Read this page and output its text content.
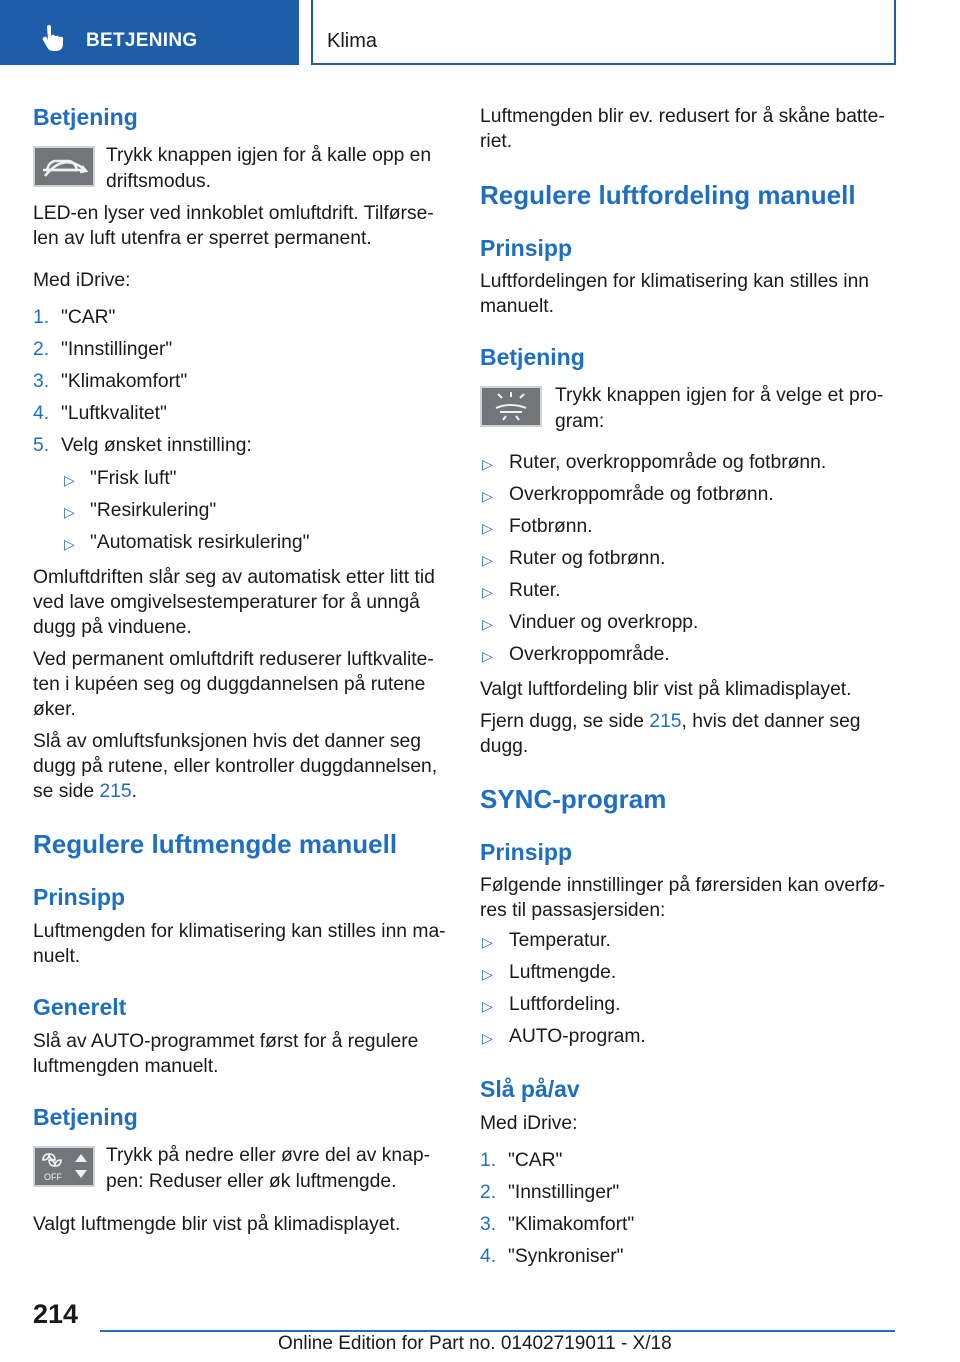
BETJENING	Klima
Betjening
Trykk knappen igjen for å kalle opp en
driftsmodus.
LED-en lyser ved innkoblet omluftdrift. Tilførse-
len av luft utenfra er sperret permanent.
Med iDrive:
1. "CAR"
2. "Innstillinger"
3. "Klimakomfort"
4. "Luftkvalitet"
5. Velg ønsket innstilling:
▷ "Frisk luft"
▷ "Resirkulering"
▷ "Automatisk resirkulering"
Omluftdriften slår seg av automatisk etter litt tid
ved lave omgivelsestemperaturer for å unngå
dugg på vinduene.
Ved permanent omluftdrift reduserer luftkvalite-
ten i kupéen seg og duggdannelsen på rutene
øker.
Slå av omluftsfunksjonen hvis det danner seg
dugg på rutene, eller kontroller duggdannelsen,
se side 215.
Regulere luftmengde manuell
Prinsipp
Luftmengden for klimatisering kan stilles inn ma-
nuelt.
Generelt
Slå av AUTO-programmet først for å regulere
luftmengden manuelt.
Betjening
OFF
Trykk på nedre eller øvre del av knap-
pen: Reduser eller øk luftmengde.
Valgt luftmengde blir vist på klimadisplayet.
Luftmengden blir ev. redusert for å skåne batte-
riet.
Regulere luftfordeling manuell
Prinsipp
Luftfordelingen for klimatisering kan stilles inn
manuelt.
Betjening
Trykk knappen igjen for å velge et pro-
gram:
▷ Ruter, overkroppområde og fotbrønn.
▷ Overkroppområde og fotbrønn.
▷ Fotbrønn.
▷ Ruter og fotbrønn.
▷ Ruter.
▷ Vinduer og overkropp.
▷ Overkroppområde.
Valgt luftfordeling blir vist på klimadisplayet.
Fjern dugg, se side 215, hvis det danner seg
dugg.
SYNC-program
Prinsipp
Følgende innstillinger på førersiden kan overfø-
res til passasjersiden:
▷ Temperatur.
▷ Luftmengde.
▷ Luftfordeling.
▷ AUTO-program.
Slå på/av
Med iDrive:
1. "CAR"
2. "Innstillinger"
3. "Klimakomfort"
4. "Synkroniser"
214
Online Edition for Part no. 01402719011 - X/18
